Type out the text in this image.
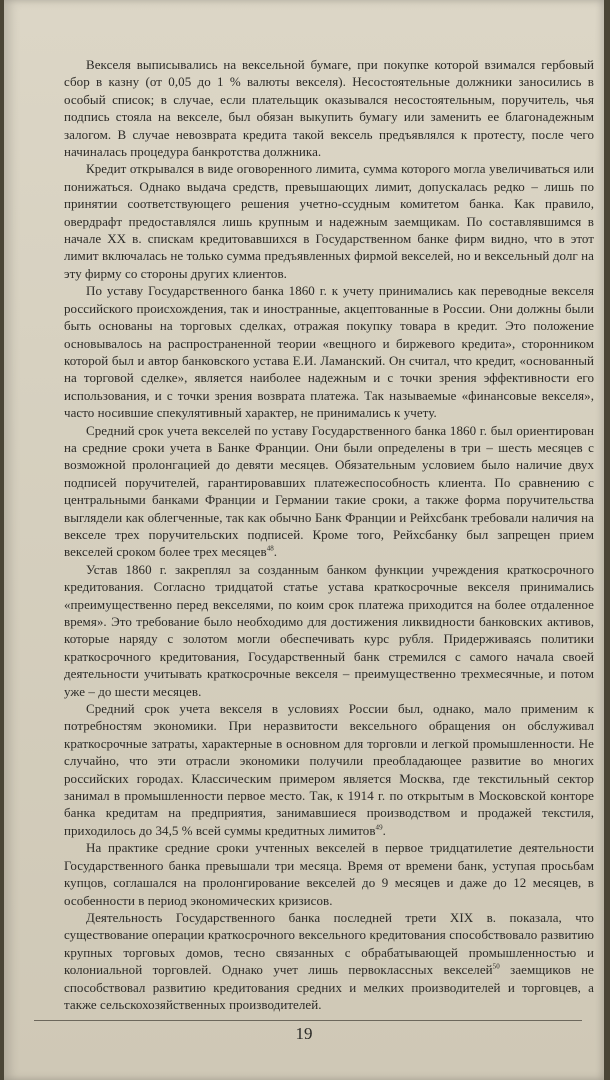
Векселя выписывались на вексельной бумаге, при покупке которой взимался гербовый сбор в казну (от 0,05 до 1 % валюты векселя). Несостоятельные должники заносились в особый список; в случае, если плательщик оказывался несостоятельным, поручитель, чья подпись стояла на векселе, был обязан выкупить бумагу или заменить ее благонадежным залогом. В случае невозврата кредита такой вексель предъявлялся к протесту, после чего начиналась процедура банкротства должника.

Кредит открывался в виде оговоренного лимита, сумма которого могла увеличиваться или понижаться. Однако выдача средств, превышающих лимит, допускалась редко – лишь по принятии соответствующего решения учетно-ссудным комитетом банка. Как правило, овердрафт предоставлялся лишь крупным и надежным заемщикам. По составлявшимся в начале XX в. спискам кредитовавшихся в Государственном банке фирм видно, что в этот лимит включалась не только сумма предъявленных фирмой векселей, но и вексельный долг на эту фирму со стороны других клиентов.

По уставу Государственного банка 1860 г. к учету принимались как переводные векселя российского происхождения, так и иностранные, акцептованные в России. Они должны были быть основаны на торговых сделках, отражая покупку товара в кредит. Это положение основывалось на распространенной теории «вещного и биржевого кредита», сторонником которой был и автор банковского устава Е.И. Ламанский. Он считал, что кредит, «основанный на торговой сделке», является наиболее надежным и с точки зрения эффективности его использования, и с точки зрения возврата платежа. Так называемые «финансовые векселя», часто носившие спекулятивный характер, не принимались к учету.

Средний срок учета векселей по уставу Государственного банка 1860 г. был ориентирован на средние сроки учета в Банке Франции. Они были определены в три – шесть месяцев с возможной пролонгацией до девяти месяцев. Обязательным условием было наличие двух подписей поручителей, гарантировавших платежеспособность клиента. По сравнению с центральными банками Франции и Германии такие сроки, а также форма поручительства выглядели как облегченные, так как обычно Банк Франции и Рейхсбанк требовали наличия на векселе трех поручительских подписей. Кроме того, Рейхсбанку был запрещен прием векселей сроком более трех месяцев$^{48}$.

Устав 1860 г. закреплял за созданным банком функции учреждения краткосрочного кредитования. Согласно тридцатой статье устава краткосрочные векселя принимались «преимущественно перед векселями, по коим срок платежа приходится на более отдаленное время». Это требование было необходимо для достижения ликвидности банковских активов, которые наряду с золотом могли обеспечивать курс рубля. Придерживаясь политики краткосрочного кредитования, Государственный банк стремился с самого начала своей деятельности учитывать краткосрочные векселя – преимущественно трехмесячные, и потом уже – до шести месяцев.

Средний срок учета векселя в условиях России был, однако, мало применим к потребностям экономики. При неразвитости вексельного обращения он обслуживал краткосрочные затраты, характерные в основном для торговли и легкой промышленности. Не случайно, что эти отрасли экономики получили преобладающее развитие во многих российских городах. Классическим примером является Москва, где текстильный сектор занимал в промышленности первое место. Так, к 1914 г. по открытым в Московской конторе банка кредитам на предприятия, занимавшиеся производством и продажей текстиля, приходилось до 34,5 % всей суммы кредитных лимитов$^{49}$.

На практике средние сроки учтенных векселей в первое тридцатилетие деятельности Государственного банка превышали три месяца. Время от времени банк, уступая просьбам купцов, соглашался на пролонгирование векселей до 9 месяцев и даже до 12 месяцев, в особенности в период экономических кризисов.

Деятельность Государственного банка последней трети XIX в. показала, что существование операции краткосрочного вексельного кредитования способствовало развитию крупных торговых домов, тесно связанных с обрабатывающей промышленностью и колониальной торговлей. Однако учет лишь первоклассных векселей$^{50}$ заемщиков не способствовал развитию кредитования средних и мелких производителей и торговцев, а также сельскохозяйственных производителей.

19
